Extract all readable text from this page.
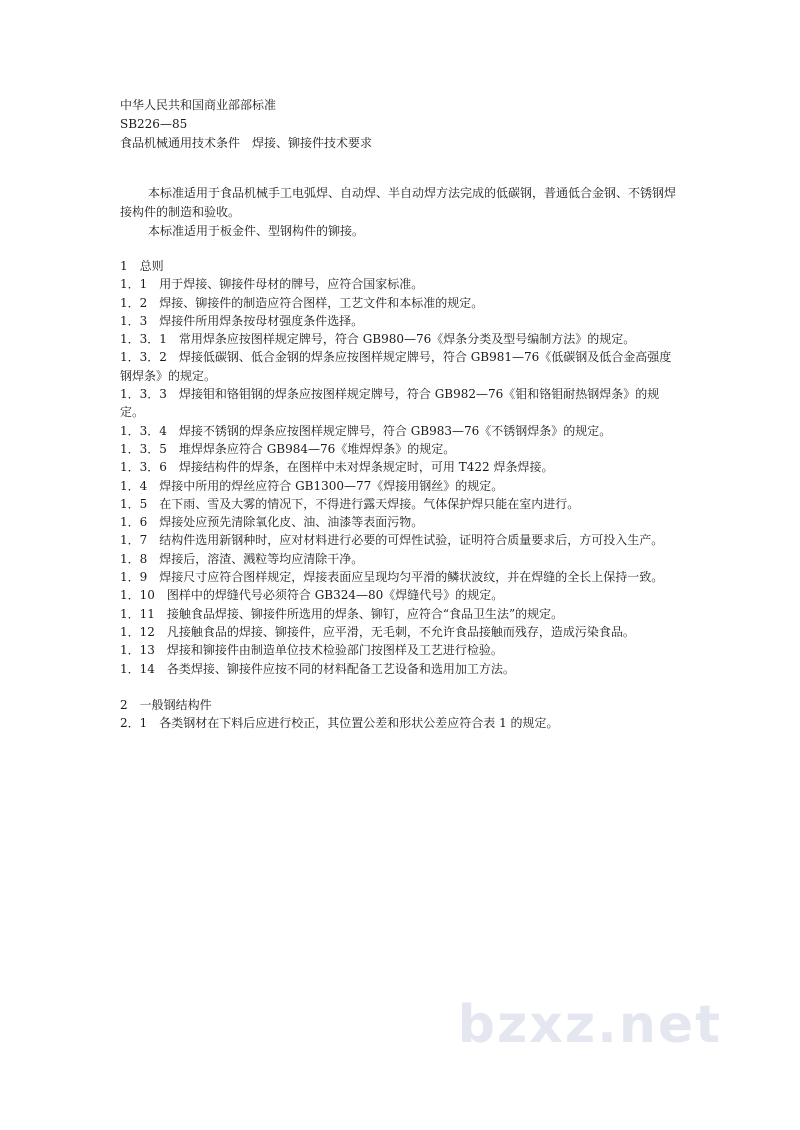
中华人民共和国商业部部标准
SB226—85
食品机械通用技术条件　焊接、铆接件技术要求

本标准适用于食品机械手工电弧焊、自动焊、半自动焊方法完成的低碳钢，普通低合金钢、不锈钢焊接构件的制造和验收。

本标准适用于板金件、型钢构件的铆接。

1　总则

1．1　用于焊接、铆接件母材的牌号，应符合国家标准。

1．2　焊接、铆接件的制造应符合图样，工艺文件和本标准的规定。

1．3　焊接件所用焊条按母材强度条件选择。

1．3．1　常用焊条应按图样规定牌号，符合 GB980—76《焊条分类及型号编制方法》的规定。

1．3．2　焊接低碳钢、低合金钢的焊条应按图样规定牌号，符合 GB981—76《低碳钢及低合金高强度钢焊条》的规定。

1．3．3　焊接钼和铬钼钢的焊条应按图样规定牌号，符合 GB982—76《钼和铬钼耐热钢焊条》的规定。

1．3．4　焊接不锈钢的焊条应按图样规定牌号，符合 GB983—76《不锈钢焊条》的规定。

1．3．5　堆焊焊条应符合 GB984—76《堆焊焊条》的规定。

1．3．6　焊接结构件的焊条，在图样中未对焊条规定时，可用 T422 焊条焊接。

1．4　焊接中所用的焊丝应符合 GB1300—77《焊接用钢丝》的规定。

1．5　在下雨、雪及大雾的情况下，不得进行露天焊接。气体保护焊只能在室内进行。

1．6　焊接处应预先清除氧化皮、油、油漆等表面污物。

1．7　结构件选用新钢种时，应对材料进行必要的可焊性试验，证明符合质量要求后，方可投入生产。

1．8　焊接后，溶渣、溅粒等均应清除干净。

1．9　焊接尺寸应符合图样规定，焊接表面应呈现均匀平滑的鳞状波纹，并在焊缝的全长上保持一致。

1．10　图样中的焊缝代号必须符合 GB324—80《焊缝代号》的规定。

1．11　接触食品焊接、铆接件所选用的焊条、铆钉，应符合“食品卫生法”的规定。

1．12　凡接触食品的焊接、铆接件，应平滑，无毛刺，不允许食品接触而残存，造成污染食品。

1．13　焊接和铆接件由制造单位技术检验部门按图样及工艺进行检验。

1．14　各类焊接、铆接件应按不同的材料配备工艺设备和选用加工方法。

2　一般钢结构件

2．1　各类钢材在下料后应进行校正，其位置公差和形状公差应符合表 1 的规定。

bzxz.net
